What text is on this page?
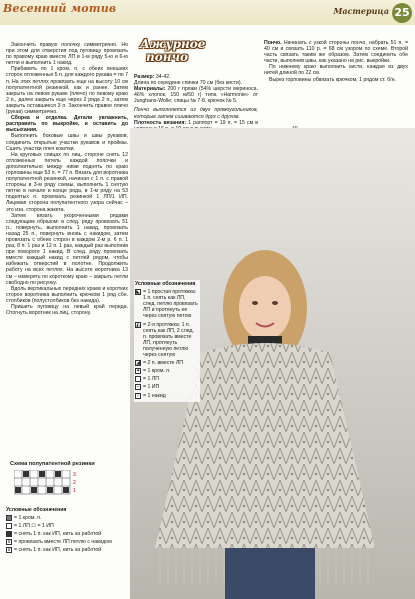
Весенний мотив	Мастерица 25

Закончить правую полочку симметрично. Но при этом для отверстия под пуговицу провязать по правому краю вместе ЛП в 1-м ряду 5-ю и 6-ю петли и выполнить 1 накид.

Прибавить по 1 кром. п. с обеих внешних сторон отложенных 5 п. для каждого рукава = по 7 п. На этих петлях провязать еще на высоту 10 см полупатентной резинкой, как и ранее. Затем закрыть на левом рукаве (плечо) по левому краю 2 п., далее закрыть еще через 2 ряда 2 п., затем закрыть оставшиеся 3 п. Закончить правое плечо (рукав) симметрично.

Сборка и отделка. Детали увлажнить, расправить по выкройке, и оставить до высыхания.

Выполнить боковые швы и швы рукавов, соединить открытые участки рукавов и проймы. Сшить участки плеч кокетки.

На круговых спицах по лиц. стороне снять 12 отложенных петель каждой полочки и дополнительно между ними поднять по краю горловины еще 53 п. = 77 п. Вязать для воротника полупатентной резинкой, начиная с 1 п. с правой стороны в 3-м ряду схемы, выполнить 1 снятую петлю в начале и конце ряда, в 1-м ряду на 53 поднятых п. провязать резинкой 1 ЛП/1 ИП. Лицевая сторона полупатентного узора сейчас – это изн. сторона жакета.

Затем вязать укороченными рядами следующим образом: в след. ряду провязать 51 п., повернуть, выполнить 1 накид, провязать назад 25 п., повернуть вновь с накидом, затем провязать с обеих сторон в каждом 2-м р. 6 п. 1 раз, 8 п. 1 раз и 12 п. 1 раз, каждый раз выполнив при повороте 1 накид. В след. ряду провязать вместе каждый накид с петлей рядом, чтобы избежать отверстий в полотне. Продолжить работу на всех петлях. На высоте воротника 13 см – измерять по короткому краю – закрыть петли свободно по рисунку.

Вдоль вертикальных передних краев и коротких сторон воротника выполнить крючком 1 ряд сбн. столбиков (полустолбиков без накида).

Пришить пуговицу на левый край переда. Отогнуть воротник на лиц. сторону.

Схема полупатентной резинки
3
2
1

Условные обозначения

= 1 кром. п.
= 1 ЛП ☐ = 1 ИП
= снять 1 п. как ИП, нить за работой
∧ = провязать вместе ЛП петлю с накидом
∨ = снять 1 п. как ИП, нить за работой
Ажурное
пончо

Размер: 34-42.

Длина по середине спинки 70 см (без кисти).

Материалы: 200 г пряжи (54% шерсти мериноса, 46% хлопок, 150 м/50 г) типа «Harmonie» от Junghans-Wolle; спицы № 7-8, крючок № 5.

Пончо выполняется из двух прямоугольников, которые затем сшиваются друг с другом.

Плотность вязания: 1 раппорт = 19 п. = 15 см в

Пончо. Начинать с узкой стороны пончо, набрать 51 п. = 40 см и связать 110 р. = 68 см узором по схеме. Второй часть связать таким же образом. Затем соединить обе части, выполнив швы, как указано на рис. выкройки.

По нижнему краю выполнить кисти, каждая из двух нитей длиной по 22 см.

Вырез горловины обвязать крючком, 1 рядом ст. б/н.

Условные обозначения

◣ = 1 простая протяжка: 1 п. снять как ЛП, след. петлю провязать ЛП и протянуть ее через снятую петлю
◭ = 2-я протяжка: 1 п. снять как ЛП, 2 след. п. провязать вместе ЛП, протянуть полученную петлю через снятую
◢ = 2 п. вместе ЛП
✦ = 1 кром. п.
= 1 ЛП
– = 1 ИП
○ = 1 накид
